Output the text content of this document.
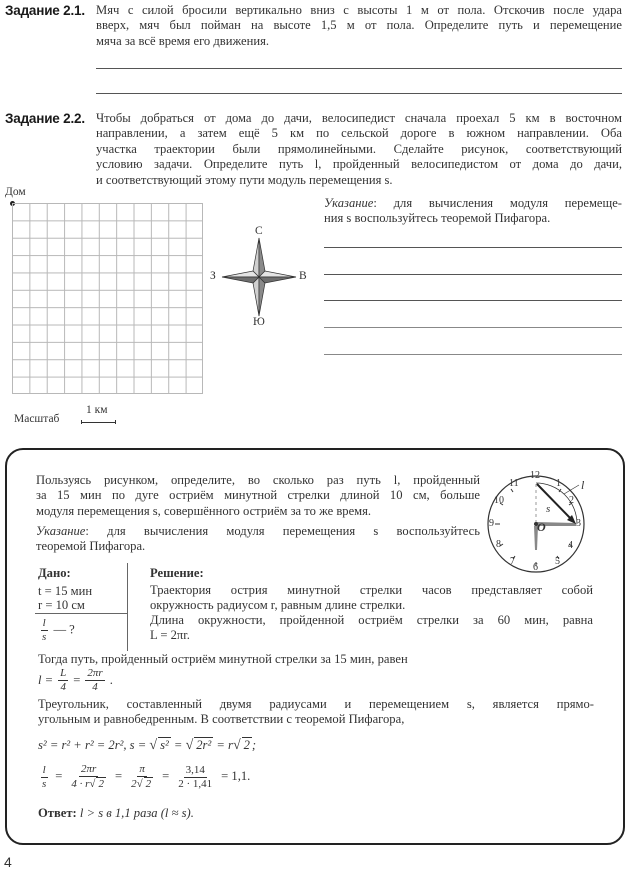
Задание 2.1. Мяч с силой бросили вертикально вниз с высоты 1 м от пола. Отскочив после удара
вверх, мяч был пойман на высоте 1,5 м от пола. Определите путь и перемещение
мяча за всё время его движения.
Задание 2.2. Чтобы добраться от дома до дачи, велосипедист сначала проехал 5 км в восточном
направлении, а затем ещё 5 км по сельской дороге в южном направлении. Оба
участка траектории были прямолинейными. Сделайте рисунок, соответствующий
условию задачи. Определите путь l, пройденный велосипедистом от дома до дачи,
и соответствующий этому пути модуль перемещения s.
Дом
Масштаб
1 км
С
Ю
З	В
Указание: для вычисления модуля перемеще-
ния s воспользуйтесь теоремой Пифагора.
Пользуясь рисунком, определите, во сколько раз путь l, пройденный
за 15 мин по дуге остриём минутной стрелки длиной 10 см, больше
модуля перемещения s, совершённого остриём за то же время.
Указание: для вычисления модуля перемещения s воспользуйтесь
теоремой Пифагора.
12
1
2
3
4
5
6
7
8
9
10
11
O
l
s
Дано:
t = 15 мин
r = 10 см
$\frac{l}{s}$ — ?
Решение:
Траектория острия минутной стрелки часов представляет собой
окружность радиусом r, равным длине стрелки.
Длина окружности, пройденной остриём стрелки за 60 мин, равна
L = 2πr.
Тогда путь, пройденный остриём минутной стрелки за 15 мин, равен
$l = \frac{L}{4} = \frac{2\pi r}{4}$ .
Треугольник, составленный двумя радиусами и перемещением s, является прямо-
угольным и равнобедренным. В соответствии с теоремой Пифагора,
s² = r² + r² = 2r², s = √ s² = √ 2r² = r√ 2 ;
$\frac{l}{s} = \frac{2\pi r}{4 \cdot r√ 2} = \frac{\pi}{2√ 2} = \frac{3,14}{2 \cdot 1,41} = 1,1$.
Ответ: l > s в 1,1 раза (l ≈ s).
4
